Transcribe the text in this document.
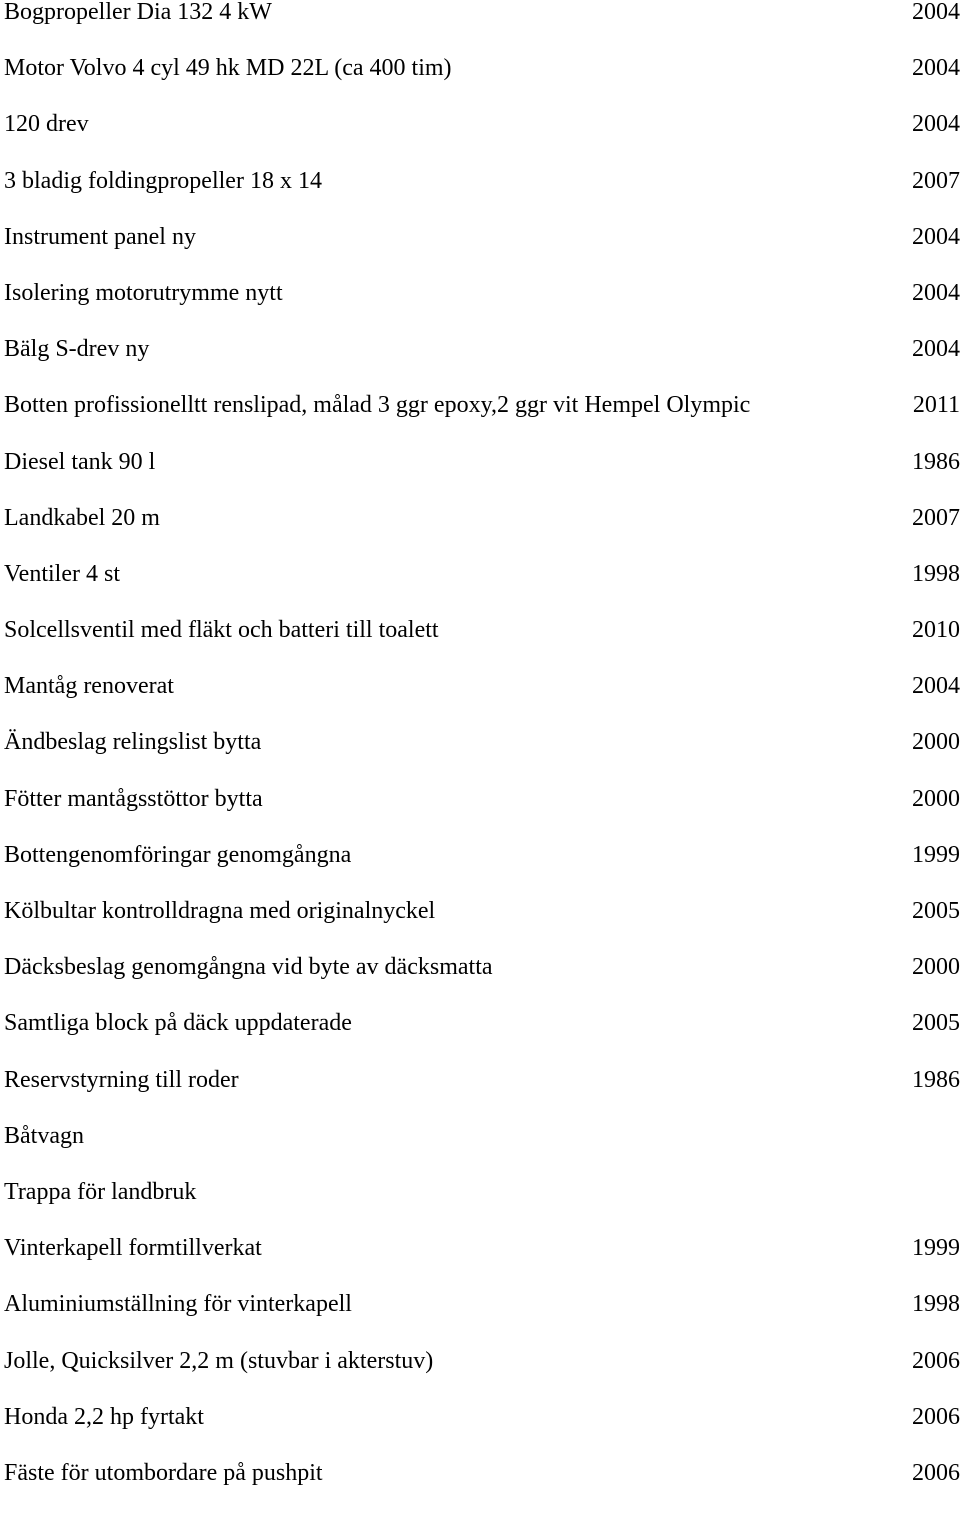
Bogpropeller Dia 132 4 kW	2004
Motor Volvo 4 cyl 49 hk MD 22L (ca 400 tim)	2004
120 drev	2004
3 bladig foldingpropeller 18 x 14	2007
Instrument panel ny	2004
Isolering motorutrymme nytt	2004
Bälg S-drev ny	2004
Botten profissionelltt renslipad, målad 3 ggr epoxy,2 ggr vit Hempel Olympic	2011
Diesel tank 90 l	1986
Landkabel 20 m	2007
Ventiler 4 st	1998
Solcellsventil med fläkt och batteri till toalett	2010
Mantåg renoverat	2004
Ändbeslag relingslist bytta	2000
Fötter mantågsstöttor bytta	2000
Bottengenomföringar genomgångna	1999
Kölbultar kontrolldragna med originalnyckel	2005
Däcksbeslag genomgångna vid byte av däcksmatta	2000
Samtliga block på däck uppdaterade	2005
Reservstyrning till roder	1986
Båtvagn
Trappa för landbruk
Vinterkapell formtillverkat	1999
Aluminiumställning för vinterkapell	1998
Jolle, Quicksilver 2,2 m (stuvbar i akterstuv)	2006
Honda 2,2 hp fyrtakt	2006
Fäste för utombordare på pushpit	2006
